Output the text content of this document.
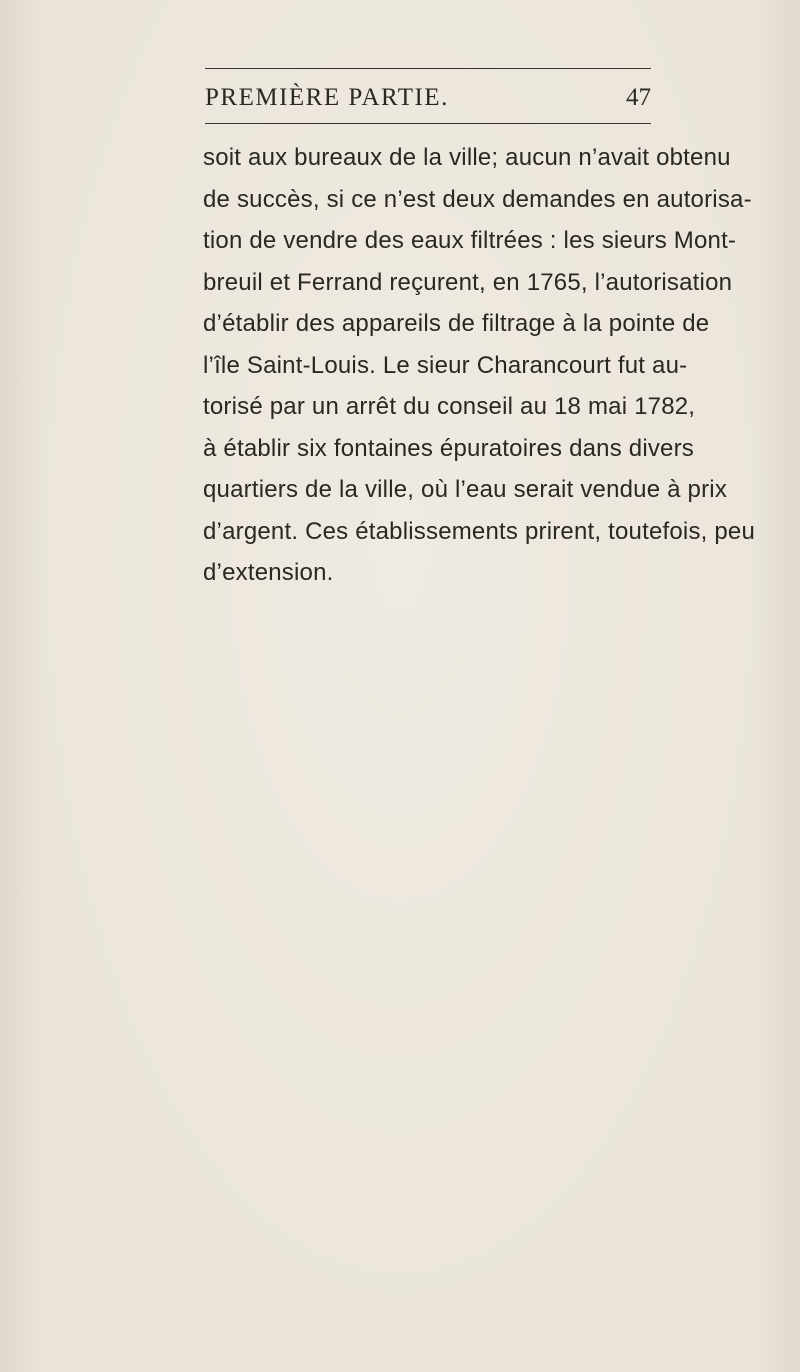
PREMIÈRE PARTIE.	47
soit aux bureaux de la ville; aucun n’avait obtenu
de succès, si ce n’est deux demandes en autorisa-
tion de vendre des eaux filtrées : les sieurs Mont-
breuil et Ferrand reçurent, en 1765, l’autorisation
d’établir des appareils de filtrage à la pointe de
l’île Saint-Louis. Le sieur Charancourt fut au-
torisé par un arrêt du conseil au 18 mai 1782,
à établir six fontaines épuratoires dans divers
quartiers de la ville, où l’eau serait vendue à prix
d’argent. Ces établissements prirent, toutefois, peu
d’extension.
